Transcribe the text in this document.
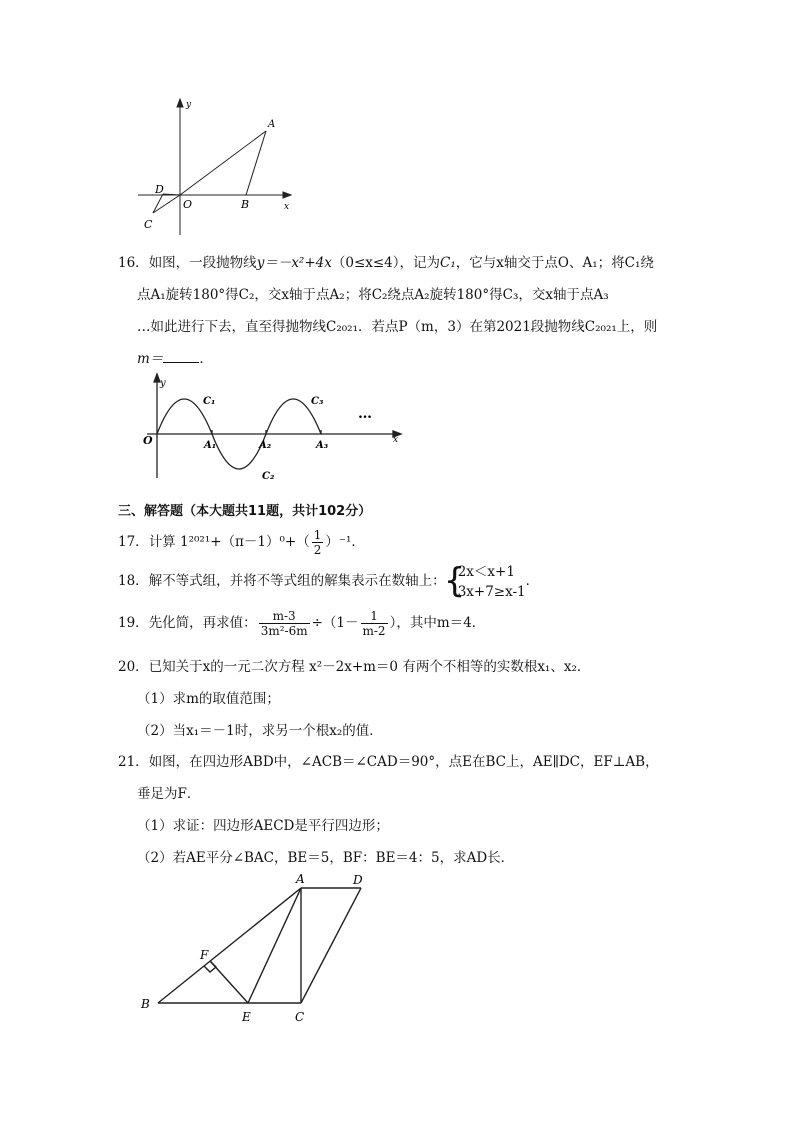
y
A
D
O	B	x
C
16．如图，一段抛物线y＝－x²+4x（0≤x≤4），记为C₁，它与x轴交于点O、A₁；将C₁绕
点A₁旋转180°得C₂，交x轴于点A₂；将C₂绕点A₂旋转180°得C₃，交x轴于点A₃
…如此进行下去，直至得抛物线C₂₀₂₁．若点P（m，3）在第2021段抛物线C₂₀₂₁上，则
m＝	．
y
O	A₁	A₂	A₃
C₁
C₂
C₃
x
…
三、解答题（本大题共11题，共计102分）
17．计算 $1^{2021}+(\pi-1)^0+( \frac{1}{2} )^{-1}$．
18．解不等式组，并将不等式组的解集表示在数轴上：
{ 2x＜x+1
3x+7≥x-1
．
19．先化简，再求值： $\frac{m-3}{\text{3m²-6m}} \div(1- \frac{1}{m-2}$ ），其中m＝4．
20．已知关于x的一元二次方程 x²－2x+m＝0 有两个不相等的实数根x₁、x₂．
（1）求m的取值范围；
（2）当x₁＝－1时，求另一个根x₂的值．
21．如图，在四边形ABD中，∠ACB＝∠CAD＝90°，点E在BC上，AE∥DC，EF⊥AB，
垂足为F．
（1）求证：四边形AECD是平行四边形；
（2）若AE平分∠BAC，BE＝5，BF：BE＝4：5，求AD长．
A	D
F
B
E	C
